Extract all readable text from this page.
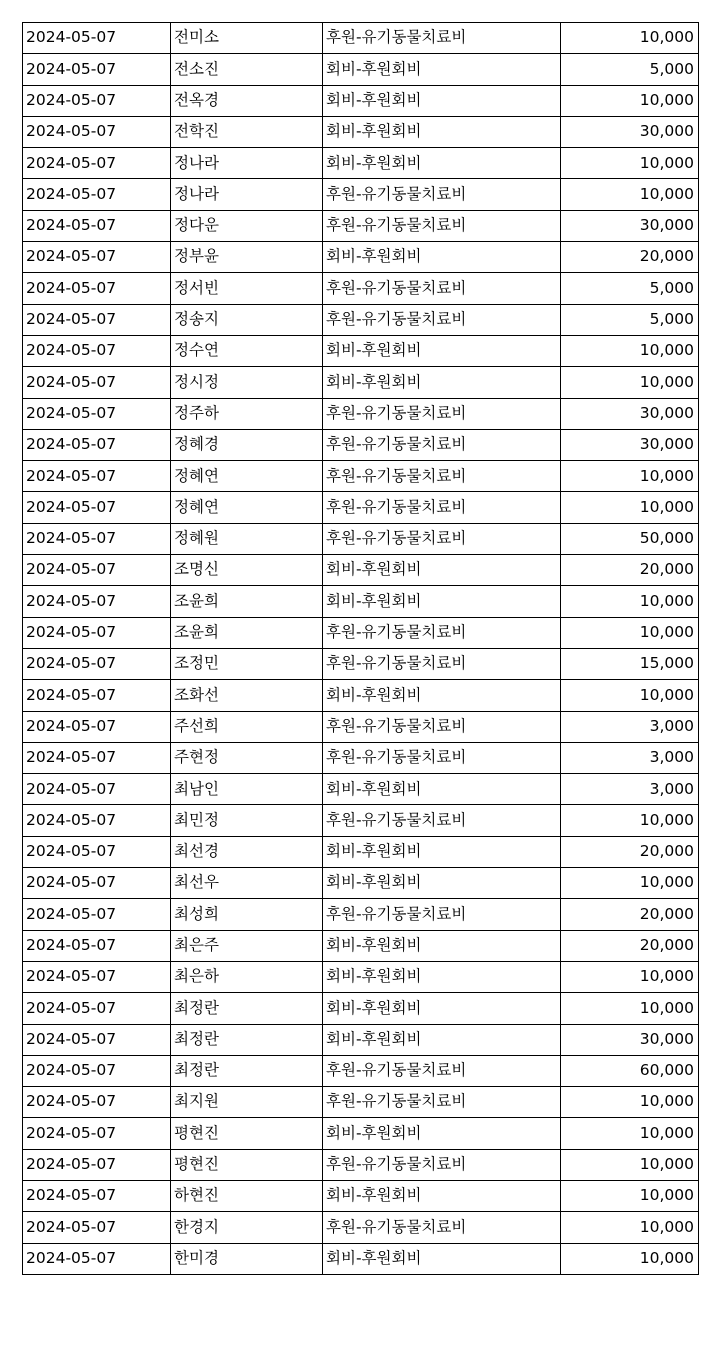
2024-05-07	전미소	후원-유기동물치료비	10,000
2024-05-07	전소진	회비-후원회비	5,000
2024-05-07	전옥경	회비-후원회비	10,000
2024-05-07	전학진	회비-후원회비	30,000
2024-05-07	정나라	회비-후원회비	10,000
2024-05-07	정나라	후원-유기동물치료비	10,000
2024-05-07	정다운	후원-유기동물치료비	30,000
2024-05-07	정부윤	회비-후원회비	20,000
2024-05-07	정서빈	후원-유기동물치료비	5,000
2024-05-07	정송지	후원-유기동물치료비	5,000
2024-05-07	정수연	회비-후원회비	10,000
2024-05-07	정시정	회비-후원회비	10,000
2024-05-07	정주하	후원-유기동물치료비	30,000
2024-05-07	정혜경	후원-유기동물치료비	30,000
2024-05-07	정혜연	후원-유기동물치료비	10,000
2024-05-07	정혜연	후원-유기동물치료비	10,000
2024-05-07	정혜원	후원-유기동물치료비	50,000
2024-05-07	조명신	회비-후원회비	20,000
2024-05-07	조윤희	회비-후원회비	10,000
2024-05-07	조윤희	후원-유기동물치료비	10,000
2024-05-07	조정민	후원-유기동물치료비	15,000
2024-05-07	조화선	회비-후원회비	10,000
2024-05-07	주선희	후원-유기동물치료비	3,000
2024-05-07	주현정	후원-유기동물치료비	3,000
2024-05-07	최남인	회비-후원회비	3,000
2024-05-07	최민정	후원-유기동물치료비	10,000
2024-05-07	최선경	회비-후원회비	20,000
2024-05-07	최선우	회비-후원회비	10,000
2024-05-07	최성희	후원-유기동물치료비	20,000
2024-05-07	최은주	회비-후원회비	20,000
2024-05-07	최은하	회비-후원회비	10,000
2024-05-07	최정란	회비-후원회비	10,000
2024-05-07	최정란	회비-후원회비	30,000
2024-05-07	최정란	후원-유기동물치료비	60,000
2024-05-07	최지원	후원-유기동물치료비	10,000
2024-05-07	평현진	회비-후원회비	10,000
2024-05-07	평현진	후원-유기동물치료비	10,000
2024-05-07	하현진	회비-후원회비	10,000
2024-05-07	한경지	후원-유기동물치료비	10,000
2024-05-07	한미경	회비-후원회비	10,000
